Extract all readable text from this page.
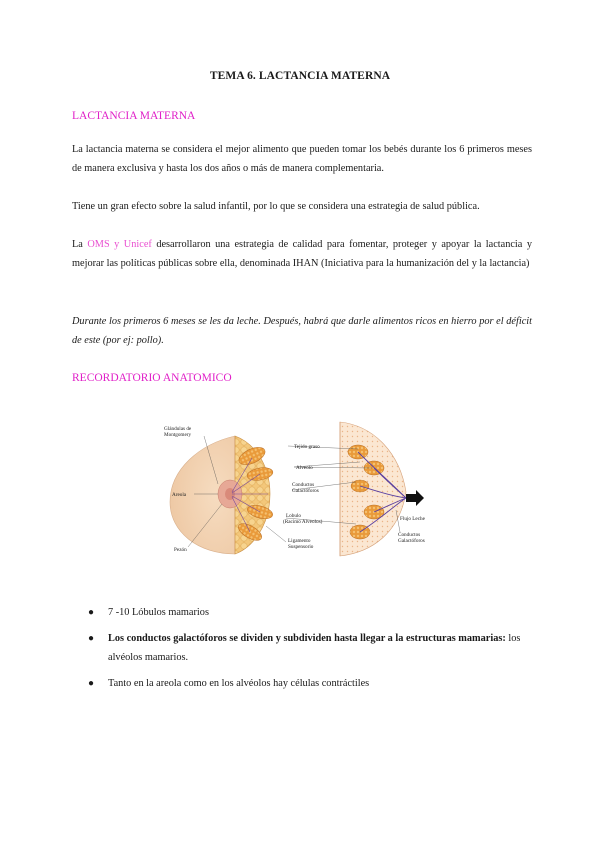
TEMA 6. LACTANCIA MATERNA
LACTANCIA MATERNA

La lactancia materna se considera el mejor alimento que pueden tomar los bebés durante los 6 primeros meses de manera exclusiva y hasta los dos años o más de manera complementaria.

Tiene un gran efecto sobre la salud infantil, por lo que se considera una estrategia de salud pública.

La OMS y Unicef desarrollaron una estrategia de calidad para fomentar, proteger y apoyar la lactancia y mejorar las políticas públicas sobre ella, denominada IHAN (Iniciativa para la humanización del y la lactancia)

Durante los primeros 6 meses se les da leche. Después, habrá que darle alimentos ricos en hierro por el déficit de este (por ej: pollo).

RECORDATORIO ANATOMICO
Glándulas de
Montgomery
Areola
Pezón
Tejido graso
Alveolo
Conductos
Galactóforos
Lobulo
(Racimo Alveolos)
Ligamento
Suspensorio
Flujo Leche
Conductos
Galactóforos
● 7 -10 Lóbulos mamarios
● Los conductos galactóforos se dividen y subdividen hasta llegar a la estructuras mamarias: los alvéolos mamarios.
● Tanto en la areola como en los alvéolos hay células contráctiles
